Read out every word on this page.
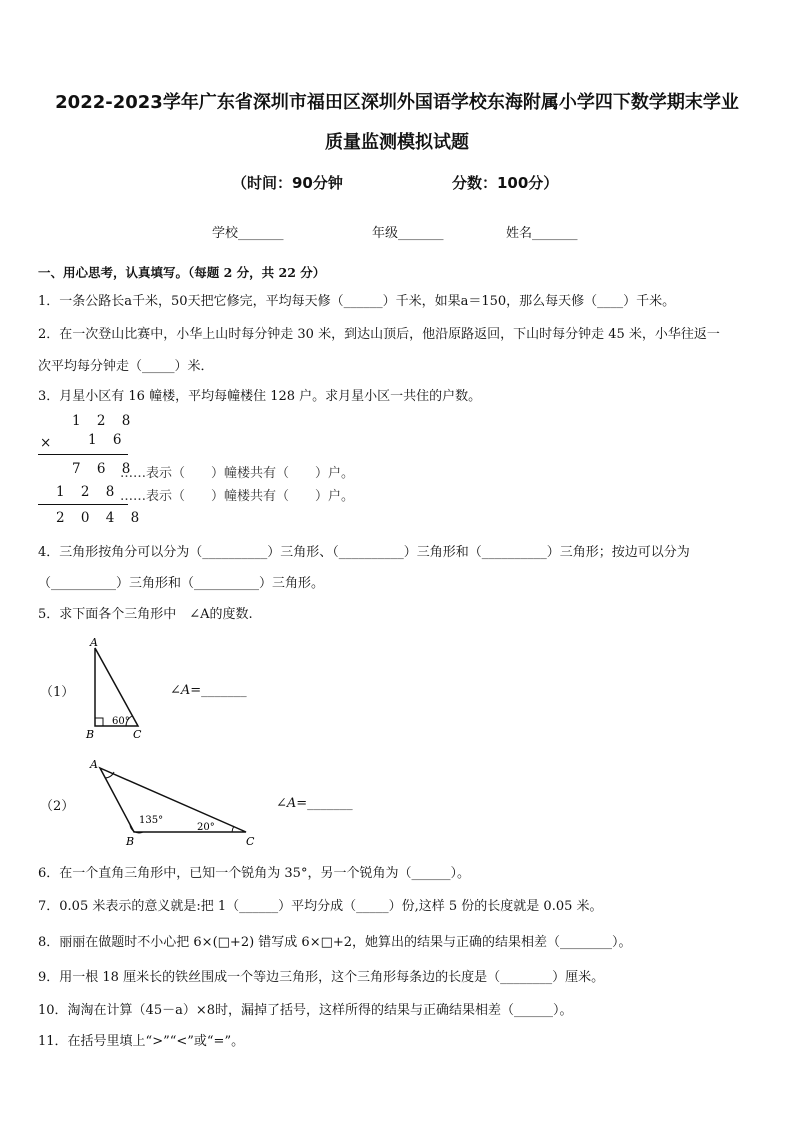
2022-2023学年广东省深圳市福田区深圳外国语学校东海附属小学四下数学期末学业
质量监测模拟试题
（时间：90分钟	分数：100分）
学校_______	年级_______	姓名_______
一、用心思考，认真填写。（每题 2 分，共 22 分）
1．一条公路长a千米，50天把它修完，平均每天修（______）千米，如果a＝150，那么每天修（____）千米。
2．在一次登山比赛中，小华上山时每分钟走 30 米，到达山顶后，他沿原路返回，下山时每分钟走 45 米，小华往返一
次平均每分钟走（_____）米．
3．月星小区有 16 幢楼，平均每幢楼住 128 户。求月星小区一共住的户数。
1 2 8
× 1 6
7 6 8
……表示（　　）幢楼共有（　　）户。
1 2 8 ……表示（　　）幢楼共有（　　）户。
2 0 4 8
4．三角形按角分可以分为（__________）三角形、（__________）三角形和（__________）三角形；按边可以分为
（__________）三角形和（__________）三角形。
5．求下面各个三角形中　∠A的度数.
（1）
A
B	C
60°
∠A=_______
（2）
A
B	C
135°
20°
∠A=_______
6．在一个直角三角形中，已知一个锐角为 35°，另一个锐角为（______）。
7．0.05 米表示的意义就是:把 1（______）平均分成（_____）份,这样 5 份的长度就是 0.05 米。
8．丽丽在做题时不小心把 6×(□+2) 错写成 6×□+2，她算出的结果与正确的结果相差（________）。
9．用一根 18 厘米长的铁丝围成一个等边三角形，这个三角形每条边的长度是（________）厘米。
10．淘淘在计算（45－a）×8时，漏掉了括号，这样所得的结果与正确结果相差（______）。
11．在括号里填上“>”“<”或“=”。
